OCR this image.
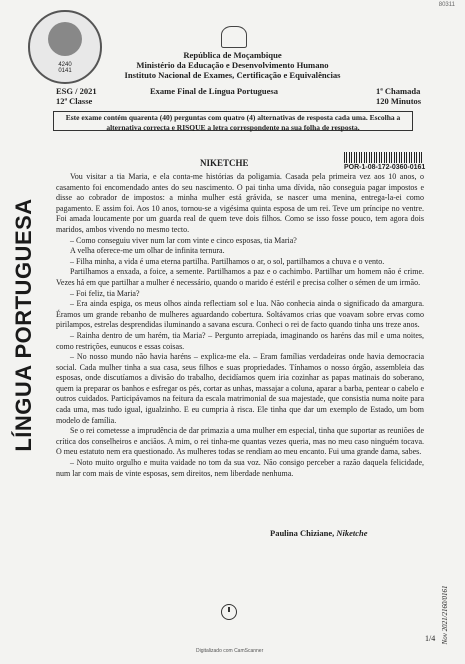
80311
4240
0141
República de Moçambique
Ministério da Educação e Desenvolvimento Humano
Instituto Nacional de Exames, Certificação e Equivalências
ESG / 2021
12ª Classe
Exame Final de Língua Portuguesa	1ª Chamada
120 Minutos
Este exame contém quarenta (40) perguntas com quatro (4) alternativas de resposta cada uma. Escolha a alternativa correcta e RISQUE a letra correspondente na sua folha de resposta.
LÍNGUA PORTUGUESA
NIKETCHE	POR-1-08-172-0360-0161

Vou visitar a tia Maria, e ela conta-me histórias da poligamia. Casada pela primeira vez aos 10 anos, o casamento foi encomendado antes do seu nascimento. O pai tinha uma dívida, não conseguia pagar impostos e disse ao cobrador de impostos: a minha mulher está grávida, se nascer uma menina, entrega-la-ei como pagamento. E assim foi. Aos 10 anos, tornou-se a vigésima quinta esposa de um rei. Teve um príncipe no ventre. Foi amada loucamente por um guarda real de quem teve dois filhos. Como se isso fosse pouco, tem agora dois maridos, ambos vivendo no mesmo tecto.

– Como conseguiu viver num lar com vinte e cinco esposas, tia Maria?

A velha oferece-me um olhar de infinita ternura.

– Filha minha, a vida é uma eterna partilha. Partilhamos o ar, o sol, partilhamos a chuva e o vento.

Partilhamos a enxada, a foice, a semente. Partilhamos a paz e o cachimbo. Partilhar um homem não é crime. Vezes há em que partilhar a mulher é necessário, quando o marido é estéril e precisa colher o sémen de um irmão.

– Foi feliz, tia Maria?

– Era ainda espiga, os meus olhos ainda reflectiam sol e lua. Não conhecia ainda o significado da amargura. Éramos um grande rebanho de mulheres aguardando cobertura. Soltávamos crias que voavam sobre ervas como pirilampos, estrelas desprendidas iluminando a savana escura. Conheci o rei de facto quando tinha uns treze anos.

– Rainha dentro de um harém, tia Maria? – Pergunto arrepiada, imaginando os haréns das mil e uma noites, como restrições, eunucos e essas coisas.

– No nosso mundo não havia haréns – explica-me ela. – Eram famílias verdadeiras onde havia democracia social. Cada mulher tinha a sua casa, seus filhos e suas propriedades. Tínhamos o nosso órgão, assembleia das esposas, onde discutíamos a divisão do trabalho, decidíamos quem iria cozinhar as papas matinais do soberano, quem ia preparar os banhos e esfregar os pés, cortar as unhas, massajar a coluna, aparar a barba, pentear o cabelo e outros cuidados. Participávamos na feitura da escala matrimonial de sua majestade, que consistia numa noite para cada uma, mas tudo igual, igualzinho. E eu cumpria à risca. Ele tinha que dar um exemplo de Estado, um bom modelo de família.

Se o rei cometesse a imprudência de dar primazia a uma mulher em especial, tinha que suportar as reuniões de crítica dos conselheiros e anciãos. A mim, o rei tinha-me quantas vezes queria, mas no meu caso ninguém tocava. O meu estatuto nem era questionado. As mulheres todas se rendiam ao meu encanto. Fui uma grande dama, sabes.

– Noto muito orgulho e muita vaidade no tom da sua voz. Não consigo perceber a razão daquela felicidade, num lar com mais de vinte esposas, sem direitos, nem liberdade nenhuma.

Paulina Chiziane, Niketche
1/4 Nov 2021/2160/0161
Digitalizado com CamScanner
